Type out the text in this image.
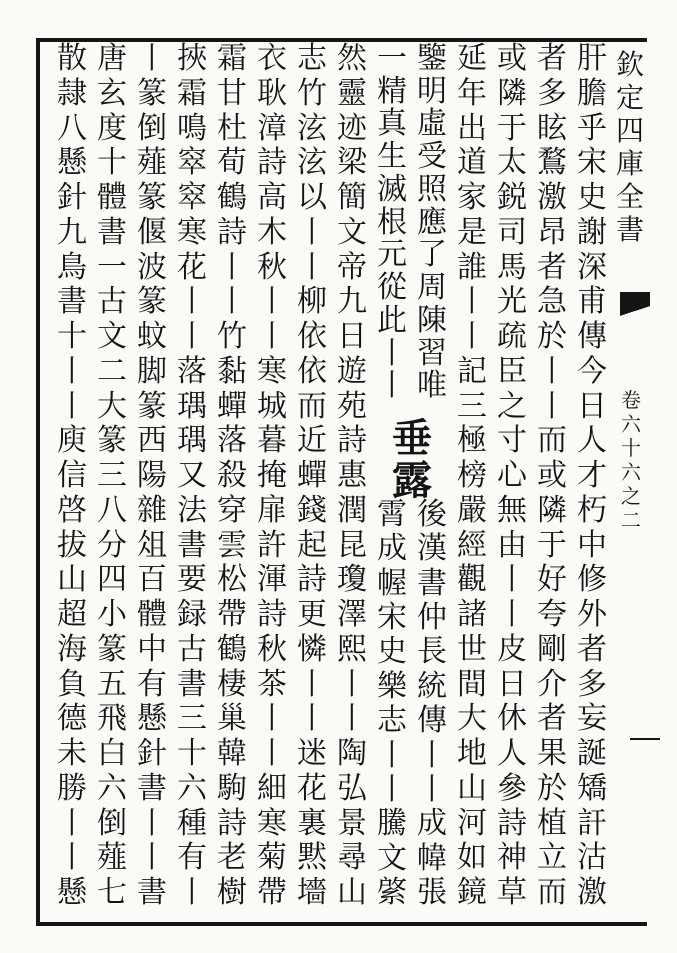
欽
定
四
庫
全
書
卷
六
十
六
之
二
肝
膽
乎
宋
史
謝
深
甫
傳
今
日
人
才
朽
中
修
外
者
多
妄
誕
矯
訐
沽
激
者
多
眩
鶩
激
昂
者
急
於
丨
丨
而
或
隣
于
好
夸
剛
介
者
果
於
植
立
而
或
隣
于
太
鋭
司
馬
光
疏
臣
之
寸
心
無
由
丨
丨
皮
日
休
人
參
詩
神
草
延
年
出
道
家
是
誰
丨
丨
記
三
極
榜
嚴
經
觀
諸
世
間
大
地
山
河
如
鏡
鑒
明
虛
受
照
應
了
周
陳
習
唯
一
精
真
生
滅
根
元
從
此
丨
丨
垂
露
後
漢
書
仲
長
統
傳
丨
丨
成
幃
張
霄
成
幄
宋
史
樂
志
丨
丨
騰
文
綮
然
靈
迹
梁
簡
文
帝
九
日
遊
苑
詩
惠
潤
昆
瓊
澤
熙
丨
丨
陶
弘
景
尋
山
志
竹
泫
泫
以
丨
丨
柳
依
依
而
近
蟬
錢
起
詩
更
憐
丨
丨
迷
花
裏
黙
墻
衣
耿
漳
詩
高
木
秋
丨
丨
寒
城
暮
掩
扉
許
渾
詩
秋
茶
丨
丨
細
寒
菊
帶
霜
甘
杜
荀
鶴
詩
丨
丨
竹
黏
蟬
落
殺
穿
雲
松
帶
鶴
棲
巢
韓
駒
詩
老
樹
挾
霜
鳴
窣
窣
寒
花
丨
丨
落
㻦
㻦
又
法
書
要
録
古
書
三
十
六
種
有
丨
丨
篆
倒
薤
篆
偃
波
篆
蚊
脚
篆
西
陽
雜
俎
百
體
中
有
懸
針
書
丨
丨
書
唐
玄
度
十
體
書
一
古
文
二
大
篆
三
八
分
四
小
篆
五
飛
白
六
倒
薤
七
散
隷
八
懸
針
九
鳥
書
十
丨
丨
庾
信
啓
拔
山
超
海
負
德
未
勝
丨
丨
懸
